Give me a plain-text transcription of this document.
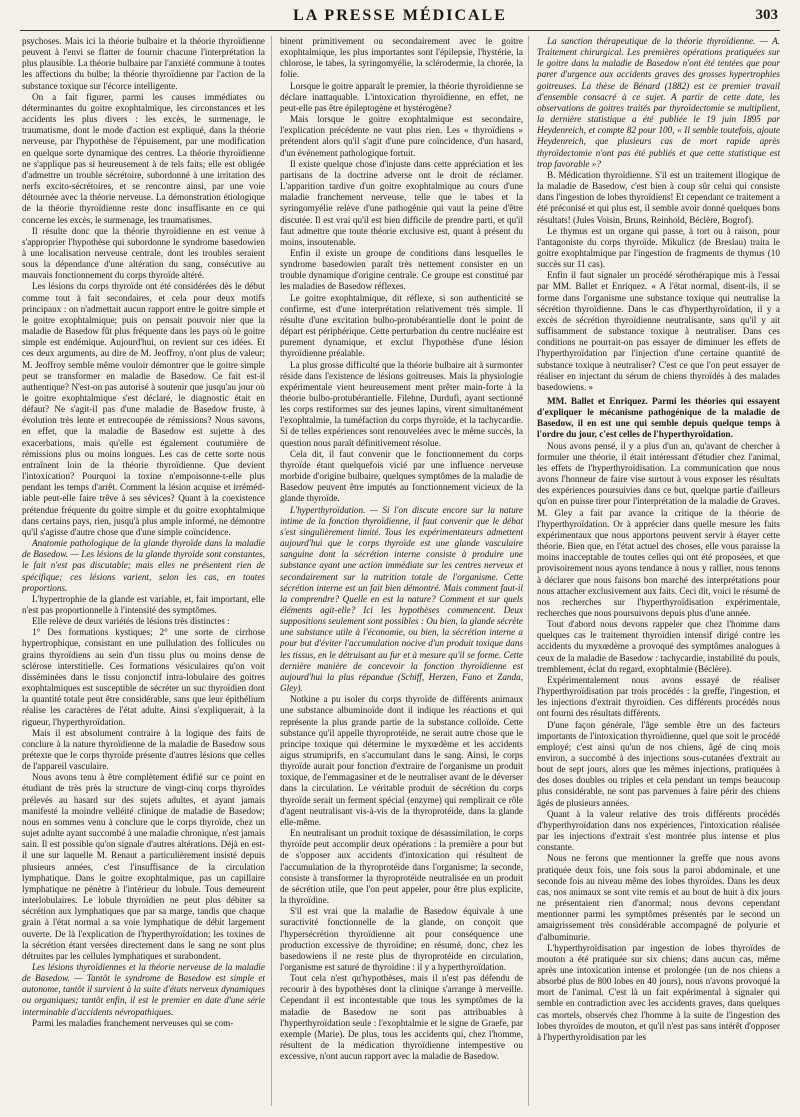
LA PRESSE MÉDICALE	303

psychoses. Mais ici la théorie bulbaire et la théorie thyroïdienne peuvent à l'envi se flatter de fournir chacune l'interprétation la plus plausible. La théorie bulbaire par l'anxiété commune à toutes les affections du bulbe; la théorie thyroïdienne par l'action de la substance toxique sur l'écorce intelligente.

On a fait figurer, parmi les causes immédiates ou déterminantes du goitre exophtalmique, les circonstances et les accidents les plus divers : les excès, le surmenage, le traumatisme, dont le mode d'action est expliqué, dans la théorie nerveuse, par l'hypothèse de l'épuisement, par une modification en quelque sorte dynamique des centres. La théorie thyroïdienne ne s'applique pas si heureusement à de tels faits; elle est obligée d'admettre un trouble sécrétoire, subordonné à une irritation des nerfs excito-sécrétoires, et se rencontre ainsi, par une voie détournée avec la théorie nerveuse. La démonstration étiologique de la théorie thyroïdienne reste donc insuffisante en ce qui concerne les excès, le surmenage, les traumatismes.

Il résulte donc que la théorie thyroïdienne en est venue à s'approprier l'hypothèse qui subordonne le syndrome basedowien à une localisation nerveuse centrale, dont les troubles seraient sous la dépendance d'une altération du sang, consécutive au mauvais fonctionnement du corps thyroïde altéré.

Les lésions du corps thyroïde ont été considérées dès le début comme tout à fait secondaires, et cela pour deux motifs principaux : on n'admettait aucun rapport entre le goitre simple et le goitre exophtalmique; puis on pensait pouvoir nier que la maladie de Basedow fût plus fréquente dans les pays où le goitre simple est endémique. Aujourd'hui, on revient sur ces idées. Et ces deux arguments, au dire de M. Jeoffroy, n'ont plus de valeur; M. Jeoffroy semble même vouloir démontrer que le goitre simple peut se transformer en maladie de Basedow. Ce fait est-il authentique? N'est-on pas autorisé à soutenir que jusqu'au jour où le goitre exophtalmique s'est déclaré, le diagnostic était en défaut? Ne s'agit-il pas d'une maladie de Basedow fruste, à évolution très lente et entrecoupée de rémissions? Nous savons, en effet, que la maladie de Basedow est sujette à des exacerbations, mais qu'elle est également coutumière de rémissions plus ou moins longues. Les cas de cette sorte nous entraînent loin de la théorie thyroïdienne. Que devient l'intoxication? Pourquoi la toxine n'empoisonne-t-elle plus pendant les temps d'arrêt. Comment la lésion acquise et irrémédiable peut-elle faire trêve à ses sévices? Quant à la coexistence prétendue fréquente du goitre simple et du goitre exophtalmique dans certains pays, rien, jusqu'à plus ample informé, ne démontre qu'il s'agisse d'autre chose que d'une simple coïncidence.

Anatomie pathologique de la glande thyroïde dans la maladie de Basedow. — Les lésions de la glande thyroïde sont constantes, le fait n'est pas discutable; mais elles ne présentent rien de spécifique; ces lésions varient, selon les cas, en toutes proportions.

L'hypertrophie de la glande est variable, et, fait important, elle n'est pas proportionnelle à l'intensité des symptômes.

Elle relève de deux variétés de lésions très distinctes :

1° Des formations kystiques; 2° une sorte de cirrhose hypertrophique, consistant en une pullulation des follicules ou grains thyroïdiens au sein d'un tissu plus ou moins dense de sclérose interstitielle. Ces formations vésiculaires qu'on voit disséminées dans le tissu conjonctif intra-lobulaire des goitres exophtalmiques est susceptible de sécréter un suc thyroïdien dont la quantité totale peut être considérable, sans que leur épithélium réalise les caractères de l'état adulte. Ainsi s'expliquerait, à la rigueur, l'hyperthyroïdation.

Mais il est absolument contraire à la logique des faits de conclure à la nature thyroïdienne de la maladie de Basedow sous prétexte que le corps thyroïde présente d'autres lésions que celles de l'appareil vasculaire.

Nous avons tenu à être complètement édifié sur ce point en étudiant de très près la structure de vingt-cinq corps thyroïdes prélevés au hasard sur des sujets adultes, et ayant jamais manifesté la moindre velléité clinique de maladie de Basedow; nous en sommes venu à conclure que le corps thyroïde, chez un sujet adulte ayant succombé à une maladie chronique, n'est jamais sain. Il est possible qu'on signale d'autres altérations. Déjà en est-il une sur laquelle M. Renaut a particulièrement insisté depuis plusieurs années, c'est l'insuffisance de la circulation lymphatique. Dans le goitre exophtalmique, pas un capillaire lymphatique ne pénètre à l'intérieur du lobule. Tous demeurent interlobulaires. Le lobule thyroïdien ne peut plus débiter sa sécrétion aux lymphatiques que par sa marge, tandis que chaque grain à l'état normal a sa voie lymphatique de débit largement ouverte. De là l'explication de l'hyperthyroïdation; les toxines de la sécrétion étant versées directement dans le sang ne sont plus détruites par les cellules lymphatiques et surabondent.

Les lésions thyroïdiennes et la théorie nerveuse de la maladie de Basedow. — Tantôt le syndrome de Basedow est simple et autonome, tantôt il survient à la suite d'états nerveux dynamiques ou organiques; tantôt enfin, il est le premier en date d'une série interminable d'accidents névropathiques.

Parmi les maladies franchement nerveuses qui se com-

binent primitivement ou secondairement avec le goitre exophtalmique, les plus importantes sont l'épilepsie, l'hystérie, la chlorose, le tabes, la syringomyélie, la sclérodermie, la chorée, la folie.

Lorsque le goitre apparaît le premier, la théorie thyroïdienne se déclare inattaquable. L'intoxication thyroïdienne, en effet, ne peut-elle pas être épileptogène et hystérogène?

Mais lorsque le goitre exophtalmique est secondaire, l'explication précédente ne vaut plus rien. Les « thyroïdiens » prétendent alors qu'il s'agit d'une pure coïncidence, d'un hasard, d'un événement pathologique fortuit.

Il existe quelque chose d'injuste dans cette appréciation et les partisans de la doctrine adverse ont le droit de réclamer. L'apparition tardive d'un goitre exophtalmique au cours d'une maladie franchement nerveuse, telle que le tabes et la syringomyélie relève d'une pathogénie qui vaut la peine d'être discutée. Il est vrai qu'il est bien difficile de prendre parti, et qu'il faut admettre que toute théorie exclusive est, quant à présent du moins, insoutenable.

Enfin il existe un groupe de conditions dans lesquelles le syndrome basedowien paraît très nettement consister en un trouble dynamique d'origine centrale. Ce groupe est constitué par les maladies de Basedow réflexes.

Le goitre exophtalmique, dit réflexe, si son authenticité se confirme, est d'une interprétation relativement très simple. Il résulte d'une excitation bulbo-protubérantielle dont le point de départ est périphérique. Cette perturbation du centre nucléaire est purement dynamique, et exclut l'hypothèse d'une lésion thyroïdienne préalable.

La plus grosse difficulté que la théorie bulbaire ait à surmonter réside dans l'existence de lésions goitreuses. Mais la physiologie expérimentale vient heureusement ment prêter main-forte à la théorie bulbo-protubérantielle. Filehne, Durdufi, ayant sectionné les corps restiformes sur des jeunes lapins, virent simultanément l'exophtalmie, la tuméfaction du corps thyroïde, et la tachycardie. Si de telles expériences sont renouvelées avec le même succès, la question nous paraît définitivement résolue.

Cela dit, il faut convenir que le fonctionnement du corps thyroïde étant quelquefois vicié par une influence nerveuse morbide d'origine bulbaire, quelques symptômes de la maladie de Basedow peuvent être imputés au fonctionnement vicieux de la glande thyroïde.

L'hyperthyroïdation. — Si l'on discute encore sur la nature intime de la fonction thyroïdienne, il faut convenir que le débat s'est singulièrement limité. Tous les expérimentateurs admettent aujourd'hui que le corps thyroïde est une glande vasculaire sanguine dont la sécrétion interne consiste à produire une substance ayant une action immédiate sur les centres nerveux et secondairement sur la nutrition totale de l'organisme. Cette sécrétion interne est un fait bien démontré. Mais comment faut-il la comprendre? Quelle en est la nature? Comment et sur quels éléments agit-elle? Ici les hypothèses commencent. Deux suppositions seulement sont possibles : Ou bien, la glande sécrète une substance utile à l'économie, ou bien, la sécrétion interne a pour but d'éviter l'accumulation nocive d'un produit toxique dans les tissus, en le détruisant au fur et à mesure qu'il se forme. Cette dernière manière de concevoir la fonction thyroïdienne est aujourd'hui la plus répandue (Schiff, Herzen, Fano et Zanda, Gley).

Notkine a pu isoler du corps thyroïde de différents animaux une substance albuminoïde dont il indique les réactions et qui représente la plus grande partie de la substance colloïde. Cette substance qu'il appelle thyroprotéide, ne serait autre chose que le principe toxique qui détermine le myxœdème et les accidents aigus strumiprifs, en s'accumulant dans le sang. Ainsi, le corps thyroïde aurait pour fonction d'extraire de l'organisme un produit toxique, de l'emmagasiner et de le neutraliser avant de le déverser dans la circulation. Le véritable produit de sécrétion du corps thyroïde serait un ferment spécial (enzyme) qui remplirait ce rôle d'agent neutralisant vis-à-vis de la thyroprotéide, dans la glande elle-même.

En neutralisant un produit toxique de désassimilation, le corps thyroïde peut accomplir deux opérations : la première a pour but de s'opposer aux accidents d'intoxication qui résultent de l'accumulation de la thyroprotéide dans l'organisme; la seconde, consiste à transformer la thyroprotéide neutralisée en un produit de sécrétion utile, que l'on peut appeler, pour être plus explicite, la thyroïdine.

S'il est vrai que la maladie de Basedow équivale à une suractivité fonctionnelle de la glande, on conçoit que l'hypersécrétion thyroïdienne ait pour conséquence une production excessive de thyroïdine; en résumé, donc, chez les basedowiens il ne reste plus de thyroprotéide en circulation, l'organisme est saturé de thyroïdine : il y a hyperthyroïdation.

Tout cela n'est qu'hypothèses, mais il n'est pas défendu de recourir à des hypothèses dont la clinique s'arrange à merveille. Cependant il est incontestable que tous les symptômes de la maladie de Basedow ne sont pas attribuables à l'hyperthyroïdation seule : l'exophtalmie et le signe de Graefe, par exemple (Marie). De plus, tous les accidents qui, chez l'homme, résultent de la médication thyroïdienne intempestive ou excessive, n'ont aucun rapport avec la maladie de Basedow.

La sanction thérapeutique de la théorie thyroïdienne. — A. Traitement chirurgical. Les premières opérations pratiquées sur le goitre dans la maladie de Basedow n'ont été tentées que pour parer d'urgence aux accidents graves des grosses hypertrophies goitreuses. La thèse de Bénard (1882) est ce premier travail d'ensemble consacré à ce sujet. A partir de cette date, les observations de goitres traités par thyroïdectomie se multiplient, la dernière statistique a été publiée le 19 juin 1895 par Heydenreich, et compte 82 pour 100, « Il semble toutefois, ajoute Heydenreich, que plusieurs cas de mort rapide après thyroïdectomie n'ont pas été publiés et que cette statistique est trop favorable »?

B. Médication thyroïdienne. S'il est un traitement illogique de la maladie de Basedow, c'est bien à coup sûr celui qui consiste dans l'ingestion de lobes thyroïdiens! Et cependant ce traitement a été préconisé et qui plus est, il semble avoir donné quelques bons résultats! (Jules Voisin, Bruns, Reinhold, Béclère, Bogrof).

Le thymus est un organe qui passe, à tort ou à raison, pour l'antagoniste du corps thyroïde. Mikulicz (de Breslau) traita le goitre exophtalmique par l'ingestion de fragments de thymus (10 succès sur 11 cas).

Enfin il faut signaler un procédé sérothérapique mis à l'essai par MM. Ballet et Enriquez. « A l'état normal, disent-ils, il se forme dans l'organisme une substance toxique qui neutralise la sécrétion thyroïdienne. Dans le cas d'hyperthyroïdation, il y a excès de sécrétion thyroïdienne neutralisante, sans qu'il y ait suffisamment de substance toxique à neutraliser. Dans ces conditions ne pourrait-on pas essayer de diminuer les effets de l'hyperthyroïdation par l'injection d'une certaine quantité de substance toxique à neutraliser? C'est ce que l'on peut essayer de réaliser en injectant du sérum de chiens thyroïdés à des malades basedowiens. »

MM. Ballet et Enriquez. Parmi les théories qui essayent d'expliquer le mécanisme pathogénique de la maladie de Basedow, il en est une qui semble depuis quelque temps à l'ordre du jour, c'est celles de l'hyperthyroïdation.

Nous avons pensé, il y a plus d'un an, qu'avant de chercher à formuler une théorie, il était intéressant d'étudier chez l'animal, les effets de l'hyperthyroïdisation. La communication que nous avons l'honneur de faire vise surtout à vous exposer les résultats des expériences poursuivies dans ce but, quelque partie d'ailleurs qu'on en puisse tirer pour l'interprétation de la maladie de Graves. M. Gley a fait par avance la critique de la théorie de l'hyperthyroïdation. Or à apprécier dans quelle mesure les faits expérimentaux que nous apportons peuvent servir à étayer cette théorie. Bien que, en l'état actuel des choses, elle vous paraisse la moins inacceptable de toutes celles qui ont été proposées, et que provisoirement nous ayons tendance à nous y rallier, nous tenons à déclarer que nous faisons bon marché des interprétations pour nous attacher exclusivement aux faits. Ceci dit, voici le résumé de nos recherches sur l'hyperthyroïdisation expérimentale, recherches que nous poursuivons depuis plus d'une année.

Tout d'abord nous devons rappeler que chez l'homme dans quelques cas le traitement thyroïdien intensif dirigé contre les accidents du myxœdème a provoqué des symptômes analogues à ceux de la maladie de Basedow : tachycardie, instabilité du pouls, tremblement, éclat du regard, exophtalmie (Béclère).

Expérimentalement nous avons essayé de réaliser l'hyperthyroïdisation par trois procédés : la greffe, l'ingestion, et les injections d'extrait thyroïdien. Ces différents procédés nous ont fourni des résultats différents.

D'une façon générale, l'âge semble être un des facteurs importants de l'intoxication thyroïdienne, quel que soit le procédé employé; c'est ainsi qu'un de nos chiens, âgé de cinq mois environ, a succombé à des injections sous-cutanées d'extrait au bout de sept jours, alors que les mêmes injections, pratiquées à des doses doubles ou triples et cela pendant un temps beaucoup plus considérable, ne sont pas parvenues à faire périr des chiens âgés de plusieurs années.

Quant à la valeur relative des trois différents procédés d'hyperthyroïdation dans nos expériences, l'intoxication réalisée par les injections d'extrait s'est montrée plus intense et plus constante.

Nous ne ferons que mentionner la greffe que nous avons pratiquée deux fois, une fois sous la paroi abdominale, et une seconde fois au niveau même des lobes thyroïdes. Dans les deux cas, nos animaux se sont vite remis et au bout de huit à dix jours ne présentaient rien d'anormal; nous devons cependant mentionner parmi les symptômes présentés par le second un amaigrissement très considérable accompagné de polyurie et d'albuminurie.

L'hyperthyroïdisation par ingestion de lobes thyroïdes de mouton a été pratiquée sur six chiens; dans aucun cas, même après une intoxication intense et prolongée (un de nos chiens a absorbé plus de 800 lobes en 40 jours), nous n'avons provoqué la mort de l'animal. C'est là un fait expérimental à signaler qui semble en contradiction avec les accidents graves, dans quelques cas mortels, observés chez l'homme à la suite de l'ingestion des lobes thyroïdes de mouton, et qu'il n'est pas sans intérêt d'opposer à l'hyperthyroïdisation par les
